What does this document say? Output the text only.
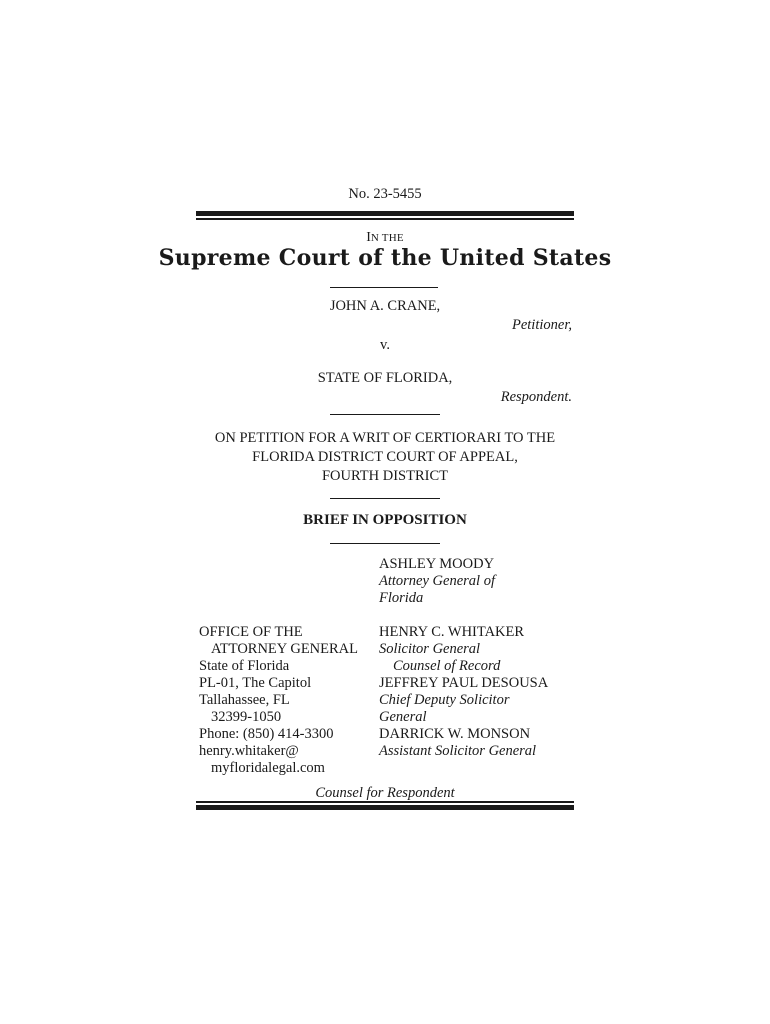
No. 23-5455
IN THE
Supreme Court of the United States
JOHN A. CRANE,
Petitioner,
v.
STATE OF FLORIDA,
Respondent.
ON PETITION FOR A WRIT OF CERTIORARI TO THE
FLORIDA DISTRICT COURT OF APPEAL,
FOURTH DISTRICT
BRIEF IN OPPOSITION
ASHLEY MOODY
Attorney General of
Florida
OFFICE OF THE
ATTORNEY GENERAL
State of Florida
PL-01, The Capitol
Tallahassee, FL
32399-1050
Phone: (850) 414-3300
henry.whitaker@
myfloridalegal.com
HENRY C. WHITAKER
Solicitor General
Counsel of Record
JEFFREY PAUL DESOUSA
Chief Deputy Solicitor
General
DARRICK W. MONSON
Assistant Solicitor General
Counsel for Respondent
